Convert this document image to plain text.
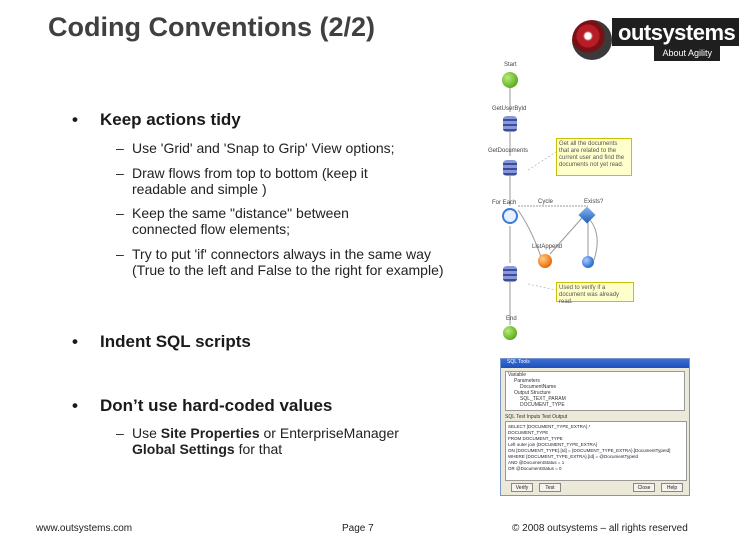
Coding Conventions (2/2)	outsystems
About Agility
• Keep actions tidy
– Use 'Grid' and 'Snap to Grip' View options;
– Draw flows from top to bottom (keep it readable and simple )
– Keep the same "distance" between connected flow elements;
– Try to put 'if' connectors always in the same way (True to the left and False to the right for example)
• Indent SQL scripts
• Don’t use hard-coded values
– Use Site Properties or EnterpriseManager Global Settings for that
Start
GetUserById
GetDocuments
Get all the documents that are related to the current user and find the documents not yet read.
For Each	Cycle	Exists?
ListAppend
Used to verify if a document was already read.
End
SQL Tools
Variable
Parameters
DocumentName
Output Structure
SQL_TEXT_PARAM
DOCUMENT_TYPE
SQL Test Inputs Test Output
SELECT {DOCUMENT_TYPE_EXTRA}.*
DOCUMENT_TYPE
FROM DOCUMENT_TYPE
Left outer join {DOCUMENT_TYPE_EXTRA}
ON {DOCUMENT_TYPE}.[Id] = {DOCUMENT_TYPE_EXTRA}.[DocumentTypeId]
WHERE {DOCUMENT_TYPE_EXTRA}.[Id] = @DocumentTypeId
AND @DocumentStatus = 1
OR @DocumentStatus = 0
Verify	Test	Close	Help
www.outsystems.com	Page 7	© 2008 outsystems – all rights reserved
